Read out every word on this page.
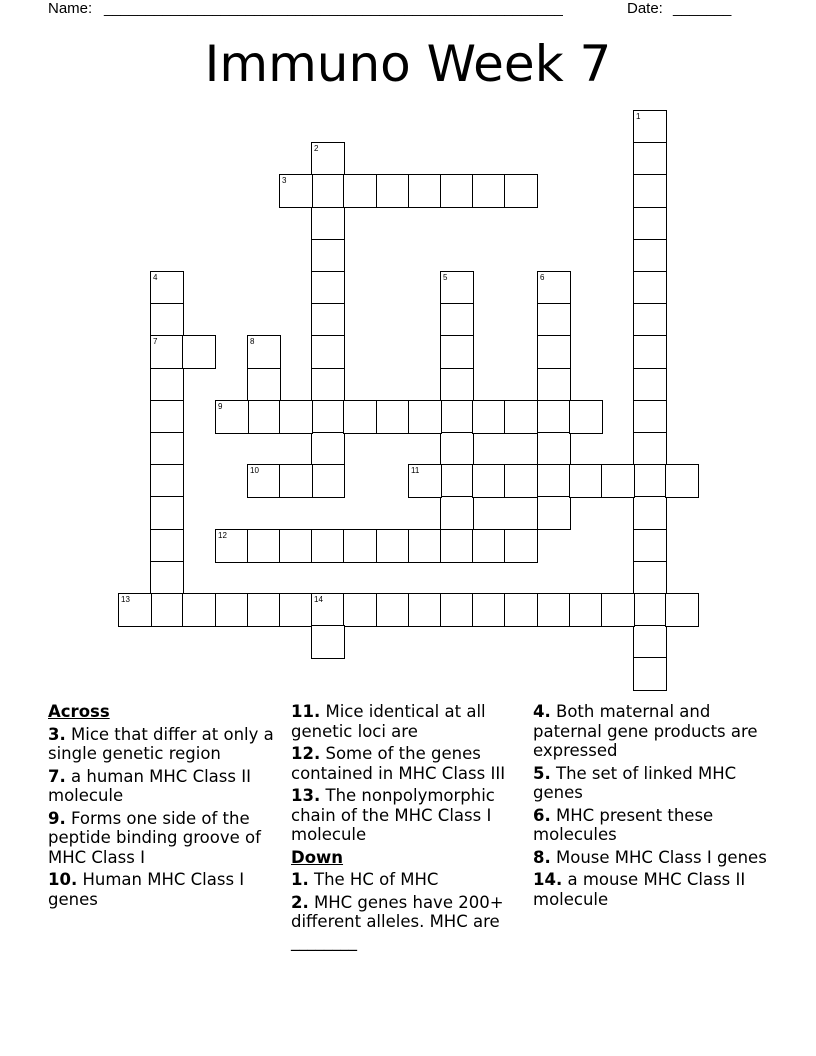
Name: _______________________________________________________	Date: _______
Immuno Week 7
1
2
3
4
7
5	6
8
9
10	11
12
13	14
Across
3. Mice that differ at only a single genetic region
7. a human MHC Class II molecule
9. Forms one side of the peptide binding groove of MHC Class I
10. Human MHC Class I genes
11. Mice identical at all genetic loci are
12. Some of the genes contained in MHC Class III
13. The nonpolymorphic chain of the MHC Class I molecule
Down
1. The HC of MHC
2. MHC genes have 200+ different alleles. MHC are ________
4. Both maternal and paternal gene products are expressed
5. The set of linked MHC genes
6. MHC present these molecules
8. Mouse MHC Class I genes
14. a mouse MHC Class II molecule
